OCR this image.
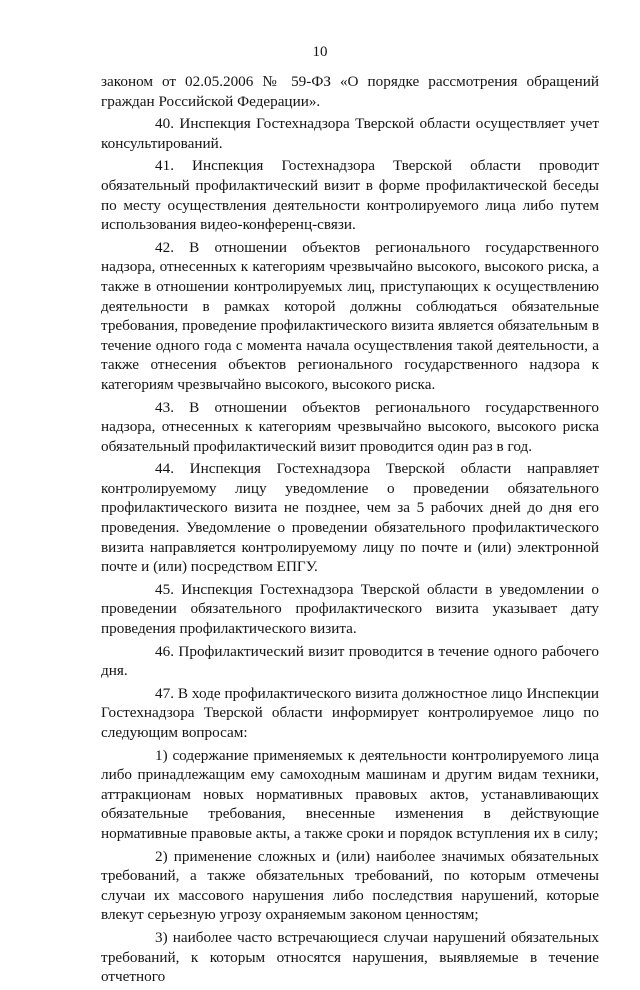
10

законом от 02.05.2006 № 59-ФЗ «О порядке рассмотрения обращений граждан Российской Федерации».

40. Инспекция Гостехнадзора Тверской области осуществляет учет консультирований.

41. Инспекция Гостехнадзора Тверской области проводит обязательный профилактический визит в форме профилактической беседы по месту осуществления деятельности контролируемого лица либо путем использования видео-конференц-связи.

42. В отношении объектов регионального государственного надзора, отнесенных к категориям чрезвычайно высокого, высокого риска, а также в отношении контролируемых лиц, приступающих к осуществлению деятельности в рамках которой должны соблюдаться обязательные требования, проведение профилактического визита является обязательным в течение одного года с момента начала осуществления такой деятельности, а также отнесения объектов регионального государственного надзора к категориям чрезвычайно высокого, высокого риска.

43. В отношении объектов регионального государственного надзора, отнесенных к категориям чрезвычайно высокого, высокого риска обязательный профилактический визит проводится один раз в год.

44. Инспекция Гостехнадзора Тверской области направляет контролируемому лицу уведомление о проведении обязательного профилактического визита не позднее, чем за 5 рабочих дней до дня его проведения. Уведомление о проведении обязательного профилактического визита направляется контролируемому лицу по почте и (или) электронной почте и (или) посредством ЕПГУ.

45. Инспекция Гостехнадзора Тверской области в уведомлении о проведении обязательного профилактического визита указывает дату проведения профилактического визита.

46. Профилактический визит проводится в течение одного рабочего дня.

47. В ходе профилактического визита должностное лицо Инспекции Гостехнадзора Тверской области информирует контролируемое лицо по следующим вопросам:

1) содержание применяемых к деятельности контролируемого лица либо принадлежащим ему самоходным машинам и другим видам техники, аттракционам новых нормативных правовых актов, устанавливающих обязательные требования, внесенные изменения в действующие нормативные правовые акты, а также сроки и порядок вступления их в силу;

2) применение сложных и (или) наиболее значимых обязательных требований, а также обязательных требований, по которым отмечены случаи их массового нарушения либо последствия нарушений, которые влекут серьезную угрозу охраняемым законом ценностям;

3) наиболее часто встречающиеся случаи нарушений обязательных требований, к которым относятся нарушения, выявляемые в течение отчетного
